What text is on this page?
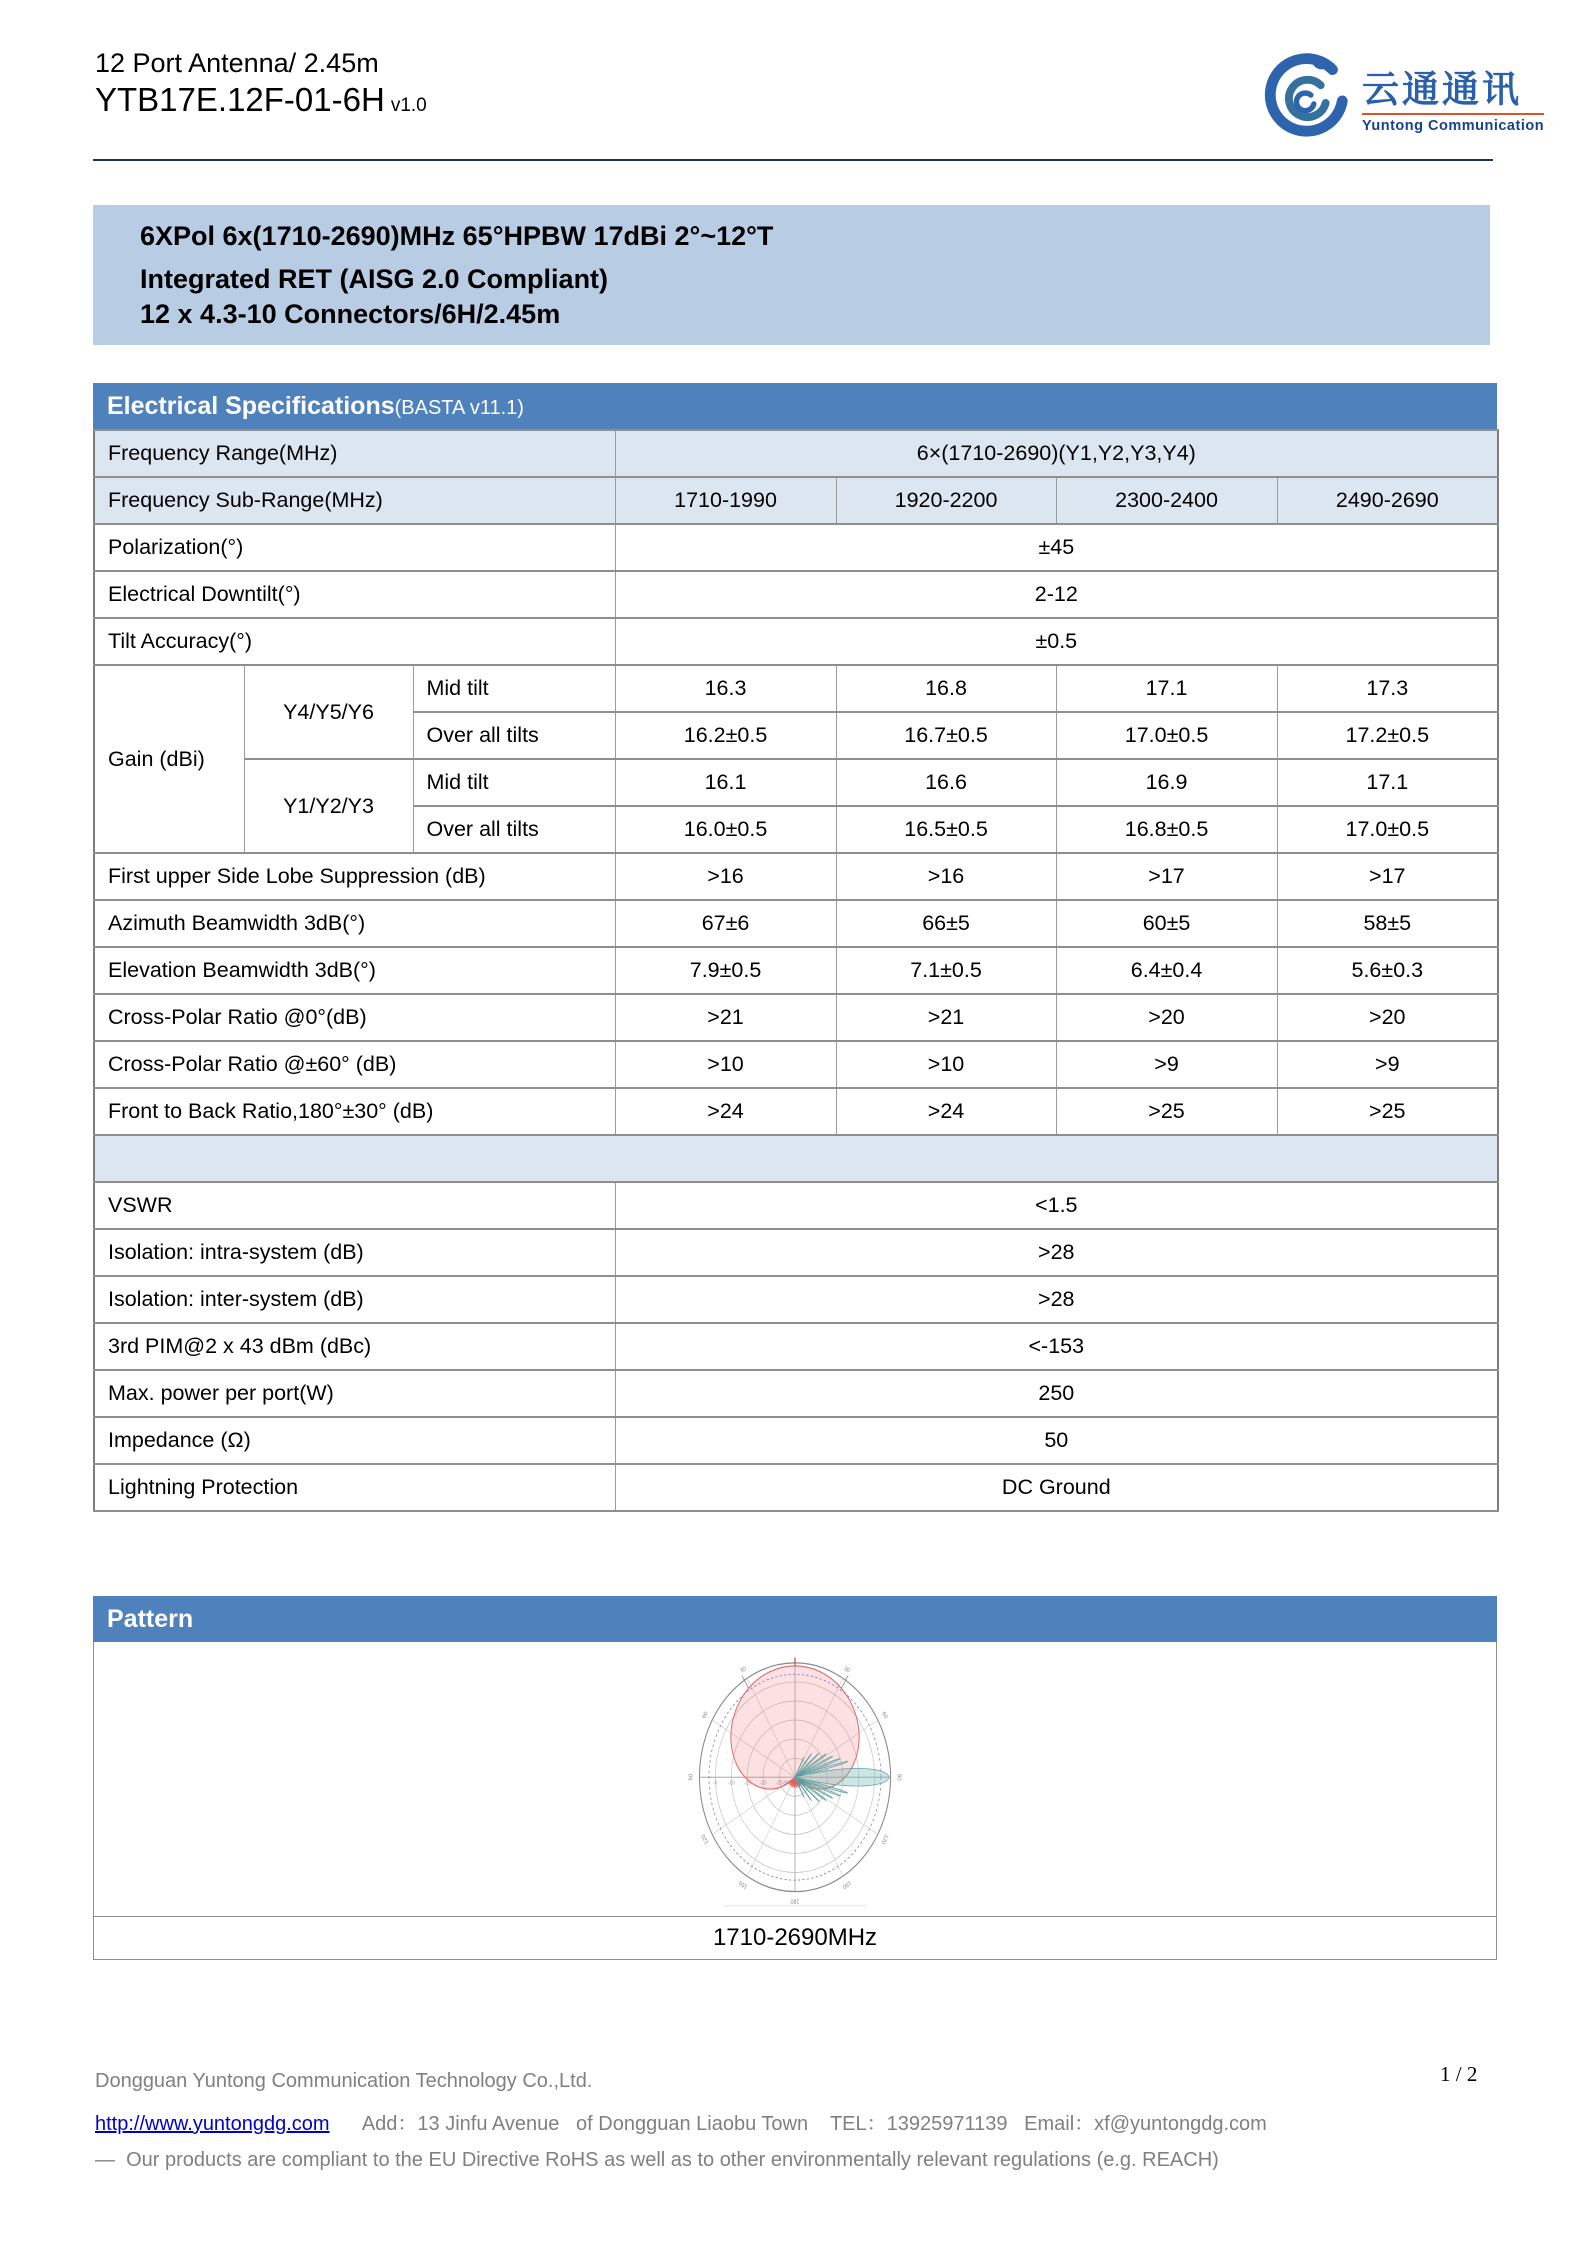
12 Port Antenna/ 2.45m

YTB17E.12F-01-6H v1.0	云通通讯
Yuntong Communication

6XPol 6x(1710-2690)MHz 65°HPBW 17dBi 2°~12°T

Integrated RET (AISG 2.0 Compliant)

12 x 4.3-10 Connectors/6H/2.45m

Electrical Specifications (BASTA v11.1)
Frequency Range(MHz)			6×(1710-2690)(Y1,Y2,Y3,Y4)			
Frequency Sub-Range(MHz)			1710-1990	1920-2200	2300-2400	2490-2690
Polarization(°)			±45			
Electrical Downtilt(°)			2-12			
Tilt Accuracy(°)			±0.5			
Gain (dBi)	Y4/Y5/Y6	Mid tilt	16.3	16.8	17.1	17.3
		Over all tilts	16.2±0.5	16.7±0.5	17.0±0.5	17.2±0.5
	Y1/Y2/Y3	Mid tilt	16.1	16.6	16.9	17.1
		Over all tilts	16.0±0.5	16.5±0.5	16.8±0.5	17.0±0.5
First upper Side Lobe Suppression (dB)			>16	>16	>17	>17
Azimuth Beamwidth 3dB(°)			67±6	66±5	60±5	58±5
Elevation Beamwidth 3dB(°)			7.9±0.5	7.1±0.5	6.4±0.4	5.6±0.3
Cross-Polar Ratio @0°(dB)			>21	>21	>20	>20
Cross-Polar Ratio @±60° (dB)			>10	>10	>9	>9
Front to Back Ratio,180°±30° (dB)			>24	>24	>25	>25

VSWR			<1.5			
Isolation: intra-system (dB)			>28			
Isolation: inter-system (dB)			>28			
3rd PIM@2 x 43 dBm (dBc)			<-153			
Max. power per port(W)			250			
Impedance (Ω)			50			
Lightning Protection			DC Ground			
Pattern
30
60
90
120
150
180
30
60
90
120
150
-5 -10 -15
1710-2690MHz
1 / 2

Dongguan Yuntong Communication Technology Co.,Ltd.

http://www.yuntongdg.com      Add：13 Jinfu Avenue   of Dongguan Liaobu Town    TEL：13925971139   Email：xf@yuntongdg.com

—  Our products are compliant to the EU Directive RoHS as well as to other environmentally relevant regulations (e.g. REACH)
